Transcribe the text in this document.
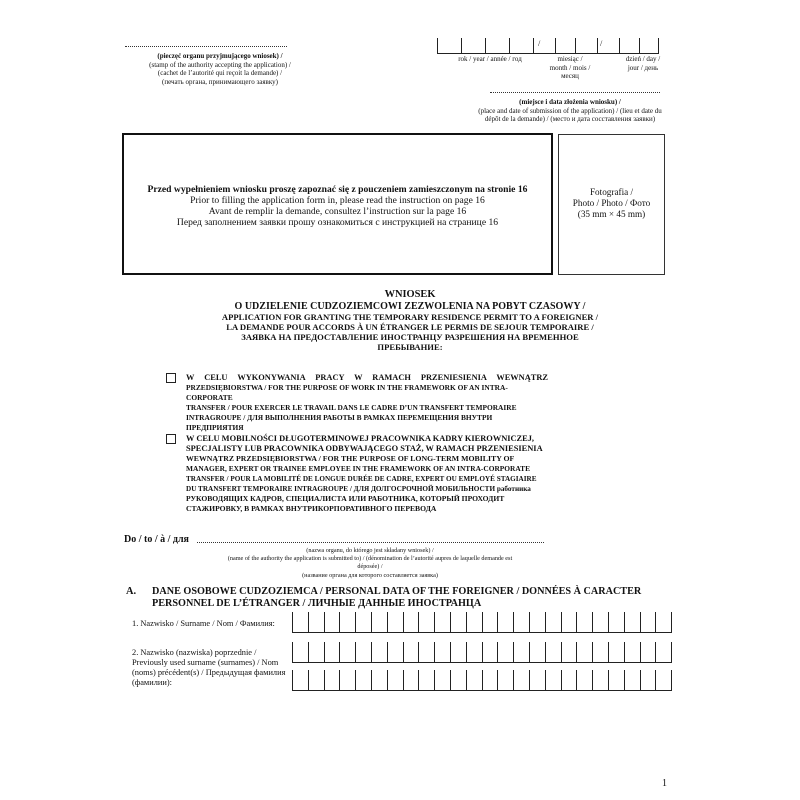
(pieczęć organu przyjmującego wniosek) /
(stamp of the authority accepting the application) /
(cachet de l’autorité qui reçoit la demande) /
(печать органа, принимающего заявку)
/	/
rok / year / année / год	miesiąc / month / mois / месяц
dzień / day / jour / день
(miejsce i data złożenia wniosku) /
(place and date of submission of the application) / (lieu et date du
dépôt de la demande) / (место и дата сосставления заявки)
Przed wypełnieniem wniosku proszę zapoznać się z pouczeniem zamieszczonym na stronie 16
Prior to filling the application form in, please read the instruction on page 16
Avant de remplir la demande, consultez l’instruction sur la page 16
Перед заполнением заявки прошу ознакомиться с инструкцией на странице 16
Fotografia /
Photo / Photo / Фото
(35 mm × 45 mm)
WNIOSEK
O UDZIELENIE CUDZOZIEMCOWI ZEZWOLENIA NA POBYT CZASOWY /
APPLICATION FOR GRANTING THE TEMPORARY RESIDENCE PERMIT TO A FOREIGNER /
LA DEMANDE POUR ACCORDS À UN ÉTRANGER LE PERMIS DE SEJOUR TEMPORAIRE /
ЗАЯВКА НА ПРЕДОСТАВЛЕНИЕ ИНОСТРАНЦУ РАЗРЕШЕНИЯ НА ВРЕМЕННОЕ
ПРЕБЫВАНИЕ:
W CELU WYKONYWANIA PRACY W RAMACH PRZENIESIENIA WEWNĄTRZ
PRZEDSIĘBIORSTWA / FOR THE PURPOSE OF WORK IN THE FRAMEWORK OF AN INTRA-CORPORATE
TRANSFER / POUR EXERCER LE TRAVAIL DANS LE CADRE D’UN TRANSFERT TEMPORAIRE
INTRAGROUPE / ДЛЯ ВЫПОЛНЕНИЯ РАБОТЫ В РАМКАХ ПЕРЕМЕЩЕНИЯ ВНУТРИ
ПРЕДПРИЯТИЯ
W CELU MOBILNOŚCI DŁUGOTERMINOWEJ PRACOWNIKA KADRY KIEROWNICZEJ,
SPECJALISTY LUB PRACOWNIKA ODBYWAJĄCEGO STAŻ, W RAMACH PRZENIESIENIA
WEWNĄTRZ PRZEDSIĘBIORSTWA / FOR THE PURPOSE OF LONG-TERM MOBILITY OF
MANAGER, EXPERT OR TRAINEE EMPLOYEE IN THE FRAMEWORK OF AN INTRA-CORPORATE
TRANSFER / POUR LA MOBILITÉ DE LONGUE DURÉE DE CADRE, EXPERT OU EMPLOYÉ STAGIAIRE
DU TRANSFERT TEMPORAIRE INTRAGROUPE / ДЛЯ ДОЛГОСРОЧНОЙ МОБИЛЬНОСТИ работника
РУКОВОДЯЩИХ КАДРОВ, СПЕЦИАЛИСТА ИЛИ РАБОТНИКА, КОТОРЫЙ ПРОХОДИТ
СТАЖИРОВКУ, В РАМКАХ ВНУТРИКОРПОРАТИВНОГО ПЕРЕВОДА
Do / to / à / для
(nazwa organu, do którego jest składany wniosek) /
(name of the authority the application is submitted to) / (dénomination de l’autorité aupres de laquelle demande est déposée) /
(название органа для которого составляется заявка)
A. DANE OSOBOWE CUDZOZIEMCA / PERSONAL DATA OF THE FOREIGNER / DONNÉES À CARACTER
PERSONNEL DE L’ÉTRANGER / ЛИЧНЫЕ ДАННЫЕ ИНОСТРАНЦА
1. Nazwisko / Surname / Nom / Фамилия:
2. Nazwisko (nazwiska) poprzednie /
Previously used surname (surnames) / Nom
(noms) précédent(s) / Предыдущая фамилия
(фамилии):
1
